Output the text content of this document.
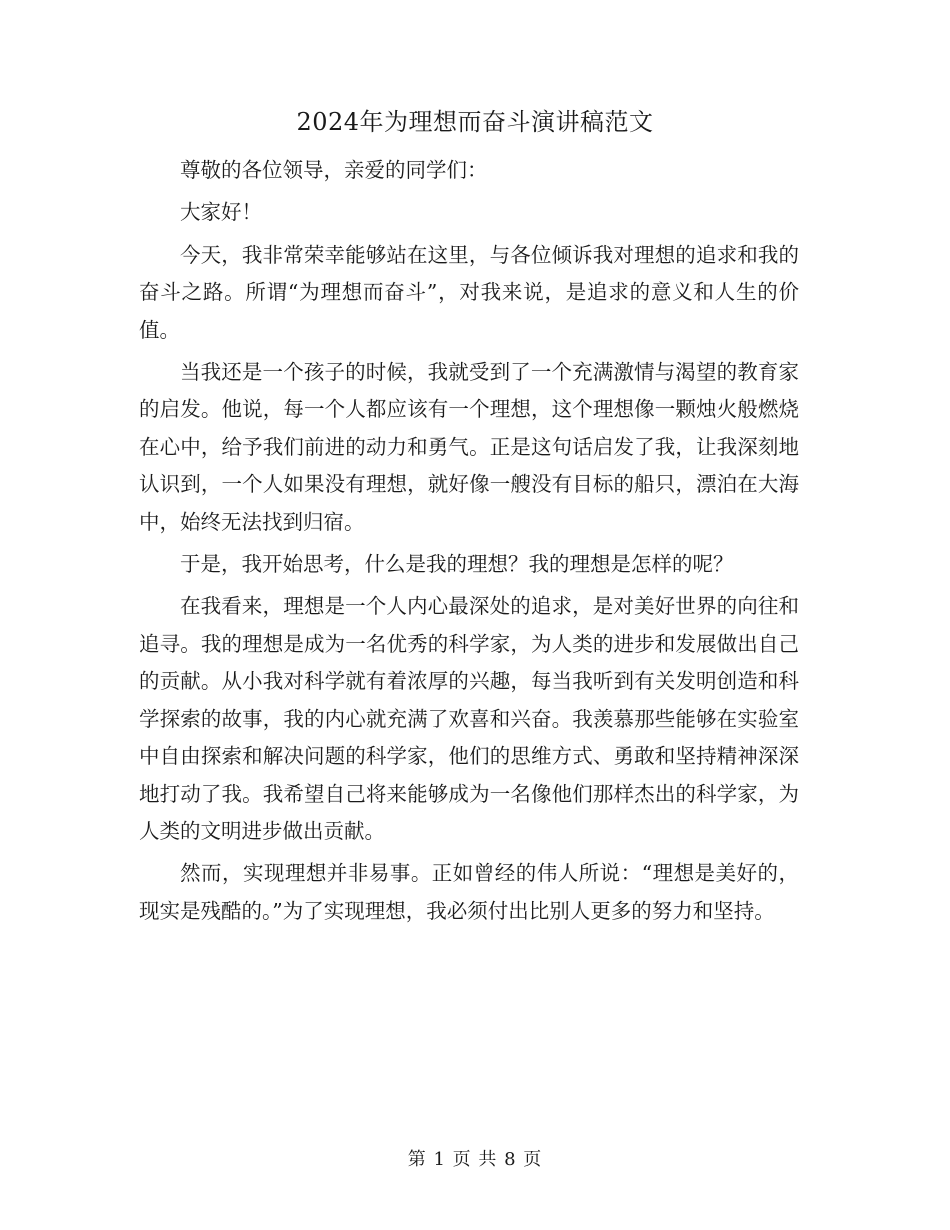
2024年为理想而奋斗演讲稿范文

尊敬的各位领导，亲爱的同学们：

大家好！

今天，我非常荣幸能够站在这里，与各位倾诉我对理想的追求和我的奋斗之路。所谓“为理想而奋斗”，对我来说，是追求的意义和人生的价值。

当我还是一个孩子的时候，我就受到了一个充满激情与渴望的教育家的启发。他说，每一个人都应该有一个理想，这个理想像一颗烛火般燃烧在心中，给予我们前进的动力和勇气。正是这句话启发了我，让我深刻地认识到，一个人如果没有理想，就好像一艘没有目标的船只，漂泊在大海中，始终无法找到归宿。

于是，我开始思考，什么是我的理想？我的理想是怎样的呢？

在我看来，理想是一个人内心最深处的追求，是对美好世界的向往和追寻。我的理想是成为一名优秀的科学家，为人类的进步和发展做出自己的贡献。从小我对科学就有着浓厚的兴趣，每当我听到有关发明创造和科学探索的故事，我的内心就充满了欢喜和兴奋。我羡慕那些能够在实验室中自由探索和解决问题的科学家，他们的思维方式、勇敢和坚持精神深深地打动了我。我希望自己将来能够成为一名像他们那样杰出的科学家，为人类的文明进步做出贡献。

然而，实现理想并非易事。正如曾经的伟人所说：“理想是美好的，现实是残酷的。”为了实现理想，我必须付出比别人更多的努力和坚持。

第 1 页 共 8 页
